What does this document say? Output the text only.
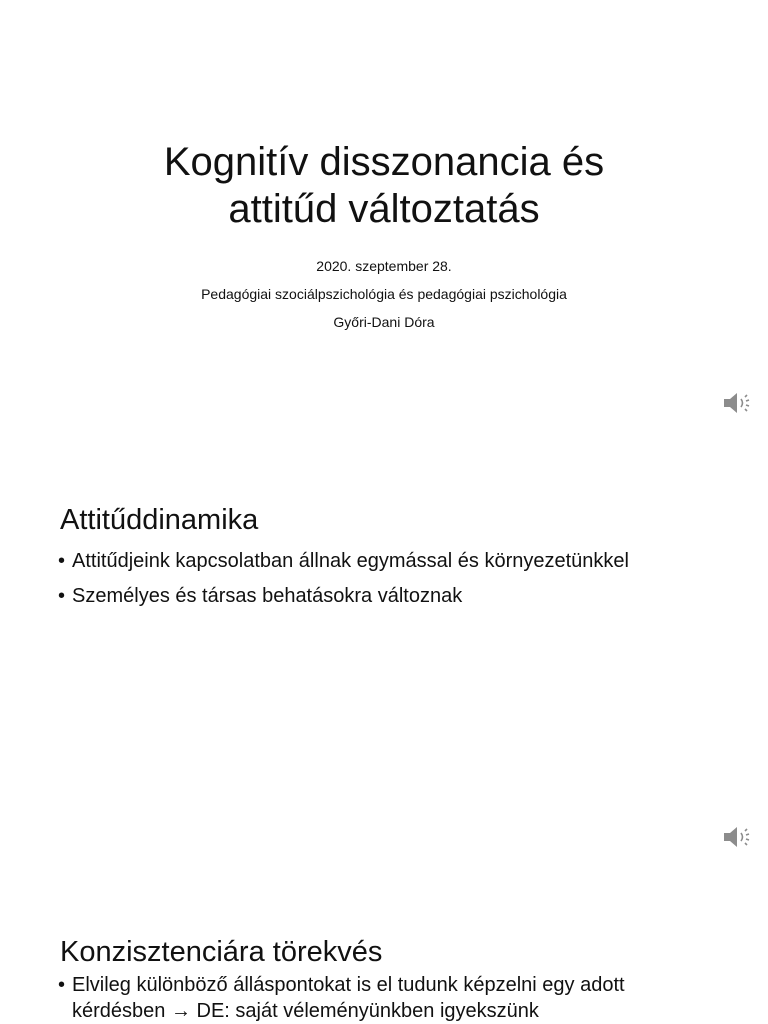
Kognitív disszonancia és
attitűd változtatás
2020. szeptember 28.
Pedagógiai szociálpszichológia és pedagógiai pszichológia
Győri-Dani Dóra
Attitűddinamika
• Attitűdjeink kapcsolatban állnak egymással és környezetünkkel
• Személyes és társas behatásokra változnak
Konzisztenciára törekvés
• Elvileg különböző álláspontokat is el tudunk képzelni egy adott kérdésben → DE: saját véleményünkben igyekszünk
